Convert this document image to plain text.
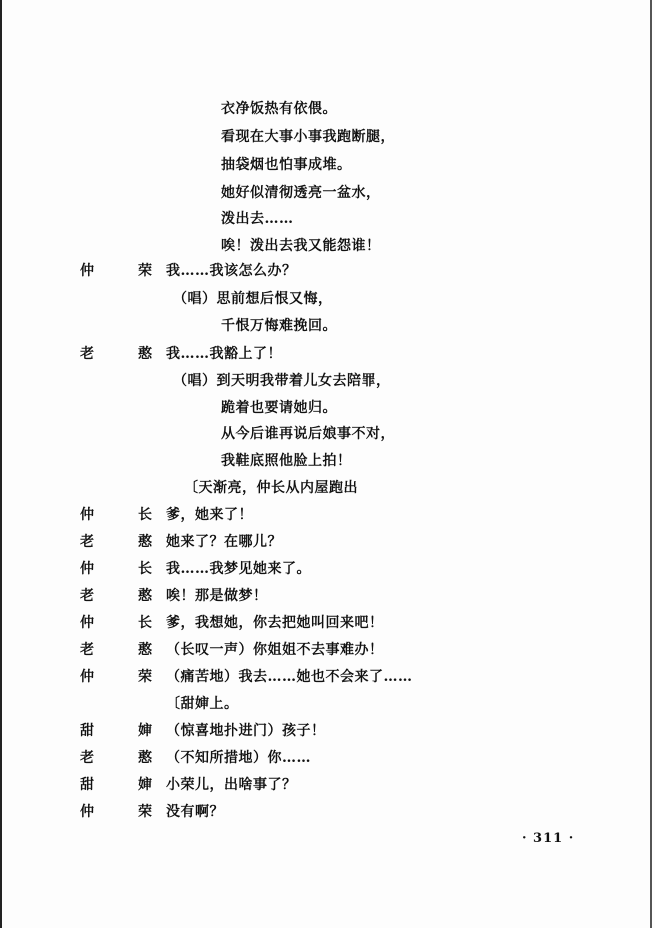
衣净饭热有依偎。
看现在大事小事我跑断腿，
抽袋烟也怕事成堆。
她好似清彻透亮一盆水，
泼出去……
唉！泼出去我又能怨谁！
仲	荣 我……我该怎么办？
（唱）思前想后恨又悔，
千恨万悔难挽回。
老	憨 我……我豁上了！
（唱）到天明我带着儿女去陪罪，
跪着也要请她归。
从今后谁再说后娘事不对，
我鞋底照他脸上拍！
〔天渐亮，仲长从内屋跑出
仲	长 爹，她来了！
老	憨 她来了？在哪儿？
仲	长 我……我梦见她来了。
老	憨 唉！那是做梦！
仲	长 爹，我想她，你去把她叫回来吧！
老	憨 （长叹一声）你姐姐不去事难办！
仲	荣 （痛苦地）我去……她也不会来了……
〔甜婶上。
甜	婶 （惊喜地扑进门）孩子！
老	憨 （不知所措地）你……
甜	婶 小荣儿，出啥事了？
仲	荣 没有啊？
· 311 ·
